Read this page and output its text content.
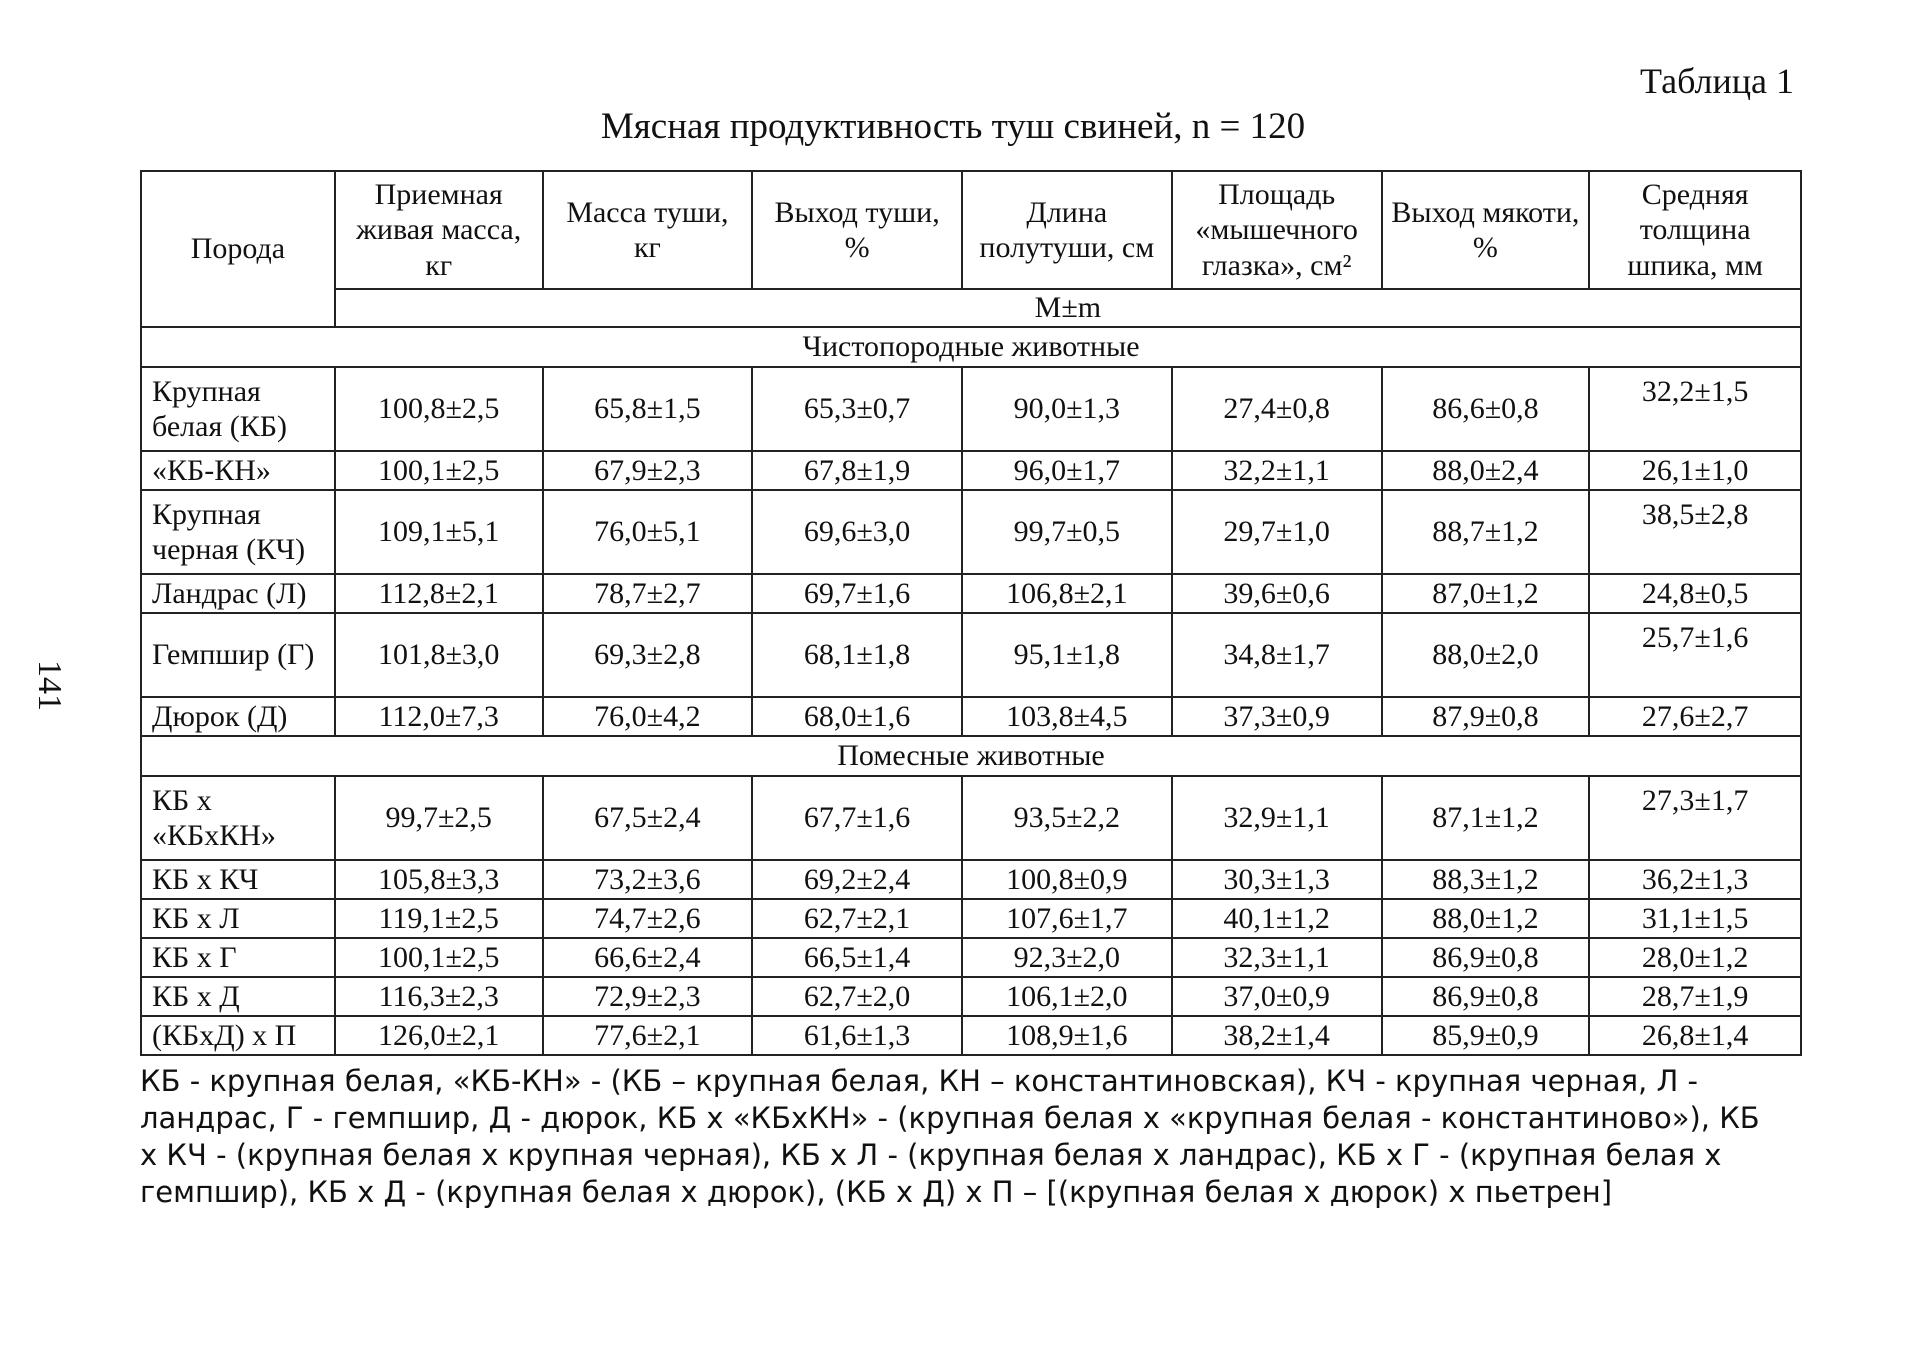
Таблица 1
Мясная продуктивность туш свиней, n = 120
141
Порода	Приемная живая масса, кг	Масса туши, кг	Выход туши, %	Длина полутуши, см	Площадь «мышечного глазка», см²	Выход мякоти, %	Средняя толщина шпика, мм
	M±m						
Чистопородные животные							
Крупная белая (КБ)	100,8±2,5	65,8±1,5	65,3±0,7	90,0±1,3	27,4±0,8	86,6±0,8	32,2±1,5
«КБ-КН»	100,1±2,5	67,9±2,3	67,8±1,9	96,0±1,7	32,2±1,1	88,0±2,4	26,1±1,0
Крупная черная (КЧ)	109,1±5,1	76,0±5,1	69,6±3,0	99,7±0,5	29,7±1,0	88,7±1,2	38,5±2,8
Ландрас (Л)	112,8±2,1	78,7±2,7	69,7±1,6	106,8±2,1	39,6±0,6	87,0±1,2	24,8±0,5
Гемпшир (Г)	101,8±3,0	69,3±2,8	68,1±1,8	95,1±1,8	34,8±1,7	88,0±2,0	25,7±1,6
Дюрок (Д)	112,0±7,3	76,0±4,2	68,0±1,6	103,8±4,5	37,3±0,9	87,9±0,8	27,6±2,7
Помесные животные							
КБ х «КБхКН»	99,7±2,5	67,5±2,4	67,7±1,6	93,5±2,2	32,9±1,1	87,1±1,2	27,3±1,7
КБ х КЧ	105,8±3,3	73,2±3,6	69,2±2,4	100,8±0,9	30,3±1,3	88,3±1,2	36,2±1,3
КБ х Л	119,1±2,5	74,7±2,6	62,7±2,1	107,6±1,7	40,1±1,2	88,0±1,2	31,1±1,5
КБ х Г	100,1±2,5	66,6±2,4	66,5±1,4	92,3±2,0	32,3±1,1	86,9±0,8	28,0±1,2
КБ х Д	116,3±2,3	72,9±2,3	62,7±2,0	106,1±2,0	37,0±0,9	86,9±0,8	28,7±1,9
(КБхД) х П	126,0±2,1	77,6±2,1	61,6±1,3	108,9±1,6	38,2±1,4	85,9±0,9	26,8±1,4
КБ - крупная белая, «КБ-КН» - (КБ – крупная белая, КН – константиновская), КЧ - крупная черная, Л - ландрас, Г - гемпшир, Д - дюрок, КБ х «КБхКН» - (крупная белая х «крупная белая - константиново»), КБ х КЧ - (крупная белая х крупная черная), КБ х Л - (крупная белая х ландрас), КБ х Г - (крупная белая х гемпшир), КБ х Д - (крупная белая х дюрок), (КБ х Д) х П – [(крупная белая х дюрок) х пьетрен]
